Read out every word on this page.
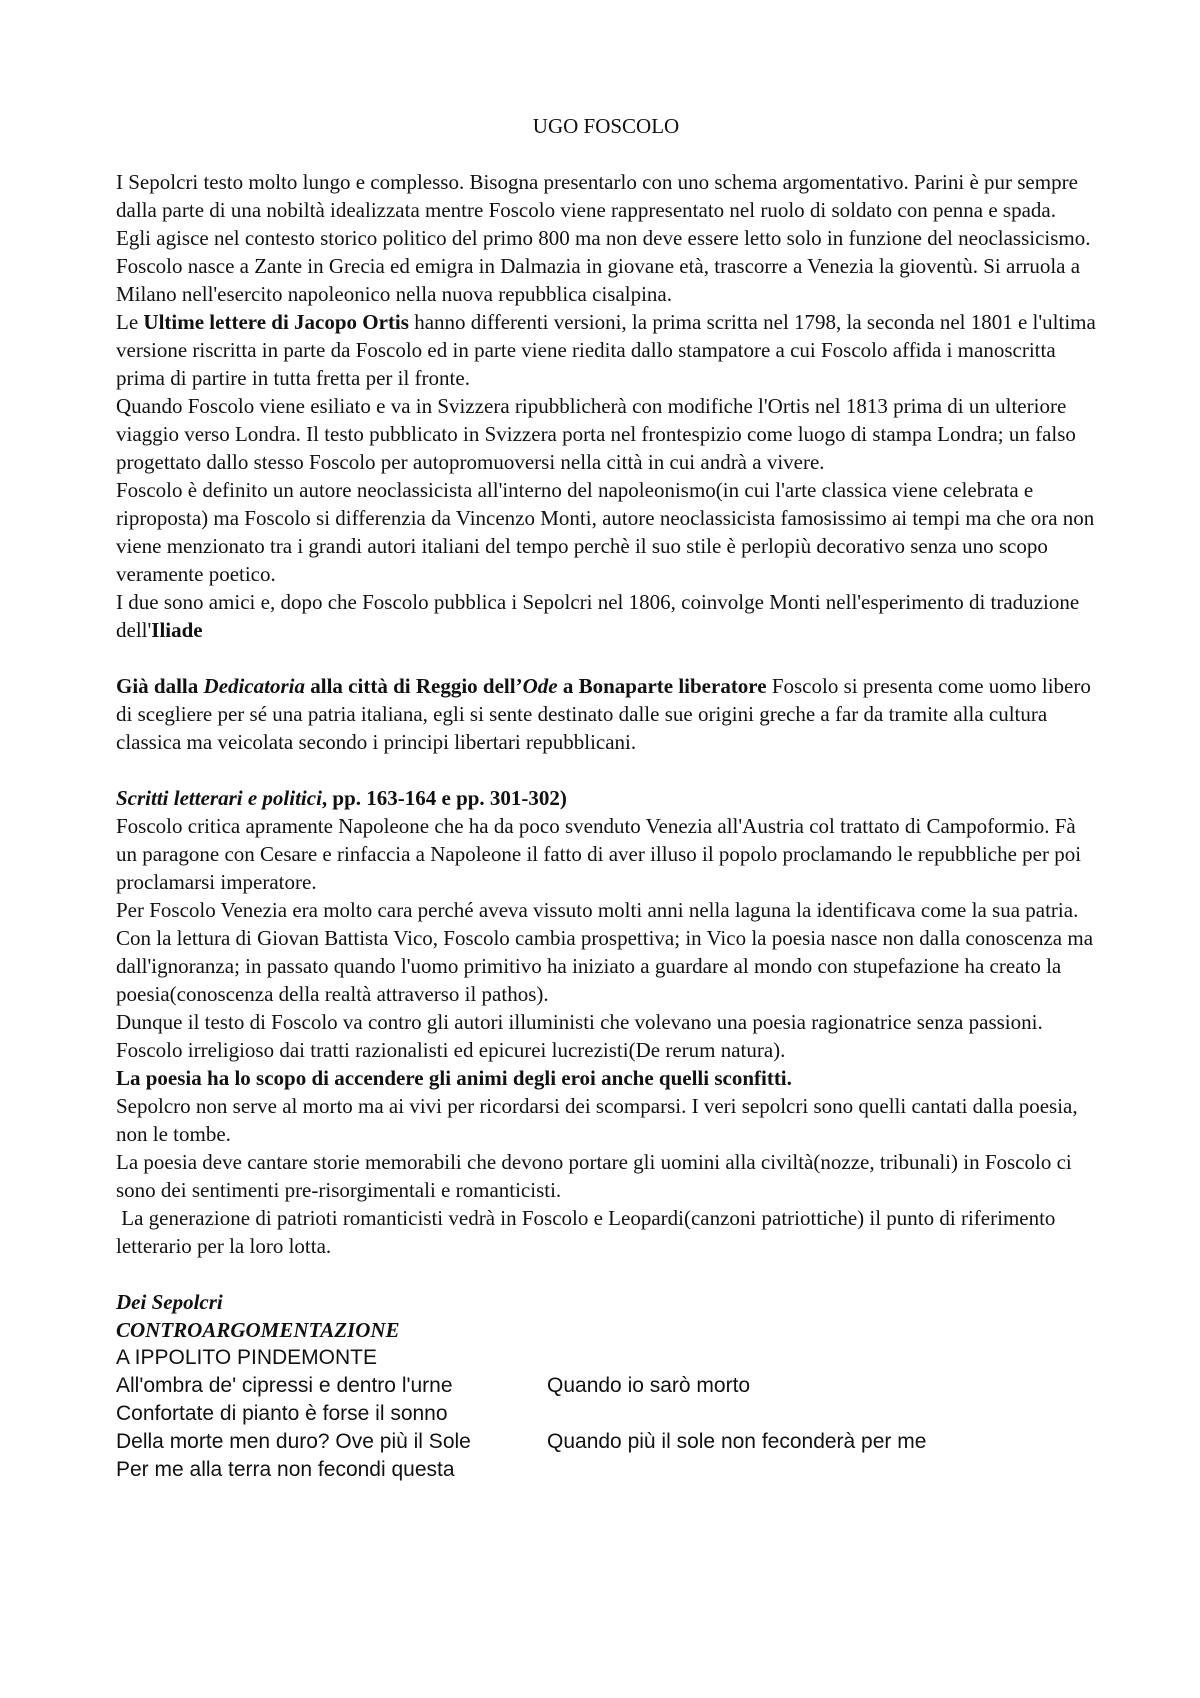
UGO FOSCOLO

I Sepolcri testo molto lungo e complesso. Bisogna presentarlo con uno schema argomentativo. Parini è pur sempre dalla parte di una nobiltà idealizzata mentre Foscolo viene rappresentato nel ruolo di soldato con penna e spada. Egli agisce nel contesto storico politico del primo 800 ma non deve essere letto solo in funzione del neoclassicismo. Foscolo nasce a Zante in Grecia ed emigra in Dalmazia in giovane età, trascorre a Venezia la gioventù. Si arruola a Milano nell'esercito napoleonico nella nuova repubblica cisalpina.

Le Ultime lettere di Jacopo Ortis hanno differenti versioni, la prima scritta nel 1798, la seconda nel 1801 e l'ultima versione riscritta in parte da Foscolo ed in parte viene riedita dallo stampatore a cui Foscolo affida i manoscritta prima di partire in tutta fretta per il fronte.

Quando Foscolo viene esiliato e va in Svizzera ripubblicherà con modifiche l'Ortis nel 1813 prima di un ulteriore viaggio verso Londra. Il testo pubblicato in Svizzera porta nel frontespizio come luogo di stampa Londra; un falso progettato dallo stesso Foscolo per autopromuoversi nella città in cui andrà a vivere.

Foscolo è definito un autore neoclassicista all'interno del napoleonismo(in cui l'arte classica viene celebrata e riproposta) ma Foscolo si differenzia da Vincenzo Monti, autore neoclassicista famosissimo ai tempi ma che ora non viene menzionato tra i grandi autori italiani del tempo perchè il suo stile è perlopiù decorativo senza uno scopo veramente poetico.

I due sono amici e, dopo che Foscolo pubblica i Sepolcri nel 1806, coinvolge Monti nell'esperimento di traduzione dell'Iliade

Già dalla Dedicatoria alla città di Reggio dell’Ode a Bonaparte liberatore Foscolo si presenta come uomo libero di scegliere per sé una patria italiana, egli si sente destinato dalle sue origini greche a far da tramite alla cultura classica ma veicolata secondo i principi libertari repubblicani.

Scritti letterari e politici, pp. 163-164 e pp. 301-302)

Foscolo critica apramente Napoleone che ha da poco svenduto Venezia all'Austria col trattato di Campoformio. Fà un paragone con Cesare e rinfaccia a Napoleone il fatto di aver illuso il popolo proclamando le repubbliche per poi proclamarsi imperatore.

Per Foscolo Venezia era molto cara perché aveva vissuto molti anni nella laguna la identificava come la sua patria.

Con la lettura di Giovan Battista Vico, Foscolo cambia prospettiva; in Vico la poesia nasce non dalla conoscenza ma dall'ignoranza; in passato quando l'uomo primitivo ha iniziato a guardare al mondo con stupefazione ha creato la poesia(conoscenza della realtà attraverso il pathos).

Dunque il testo di Foscolo va contro gli autori illuministi che volevano una poesia ragionatrice senza passioni. Foscolo irreligioso dai tratti razionalisti ed epicurei lucrezisti(De rerum natura).

La poesia ha lo scopo di accendere gli animi degli eroi anche quelli sconfitti.

Sepolcro non serve al morto ma ai vivi per ricordarsi dei scomparsi. I veri sepolcri sono quelli cantati dalla poesia, non le tombe.

La poesia deve cantare storie memorabili che devono portare gli uomini alla civiltà(nozze, tribunali) in Foscolo ci sono dei sentimenti pre-risorgimentali e romanticisti.

La generazione di patrioti romanticisti vedrà in Foscolo e Leopardi(canzoni patriottiche) il punto di riferimento letterario per la loro lotta.

Dei Sepolcri

CONTROARGOMENTAZIONE

A IPPOLITO PINDEMONTE

All'ombra de' cipressi e dentro l'urne	Quando io sarò morto
Confortate di pianto è forse il sonno
Della morte men duro? Ove più il Sole	Quando più il sole non feconderà per me
Per me alla terra non fecondi questa
